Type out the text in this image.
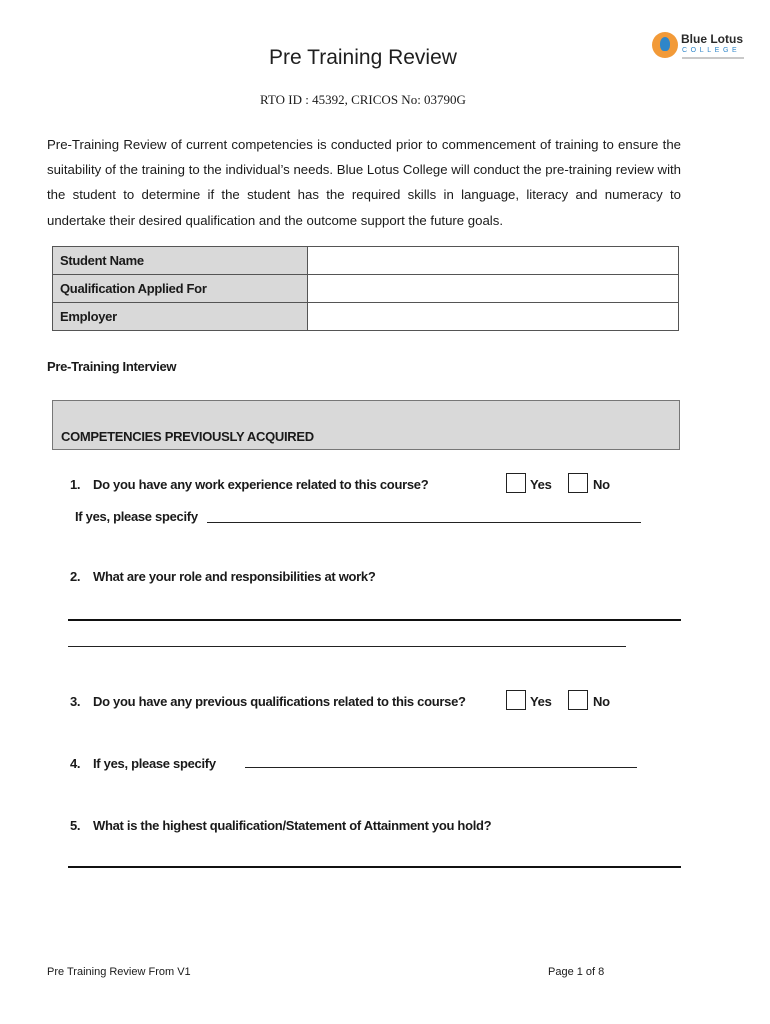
Blue Lotus
COLLEGE
Pre Training Review
RTO ID : 45392, CRICOS No: 03790G
Pre-Training Review of current competencies is conducted prior to commencement of training to ensure the suitability of the training to the individual’s needs. Blue Lotus College will conduct the pre-training review with the student to determine if the student has the required skills in language, literacy and numeracy to undertake their desired qualification and the outcome support the future goals.
Student Name	
Qualification Applied For	
Employer	
Pre-Training Interview
COMPETENCIES PREVIOUSLY ACQUIRED
1. Do you have any work experience related to this course?	Yes	No
If yes, please specify
2. What are your role and responsibilities at work?
3. Do you have any previous qualifications related to this course?	Yes	No
4. If yes, please specify
5. What is the highest qualification/Statement of Attainment you hold?
Pre Training Review From V1	Page 1 of 8
